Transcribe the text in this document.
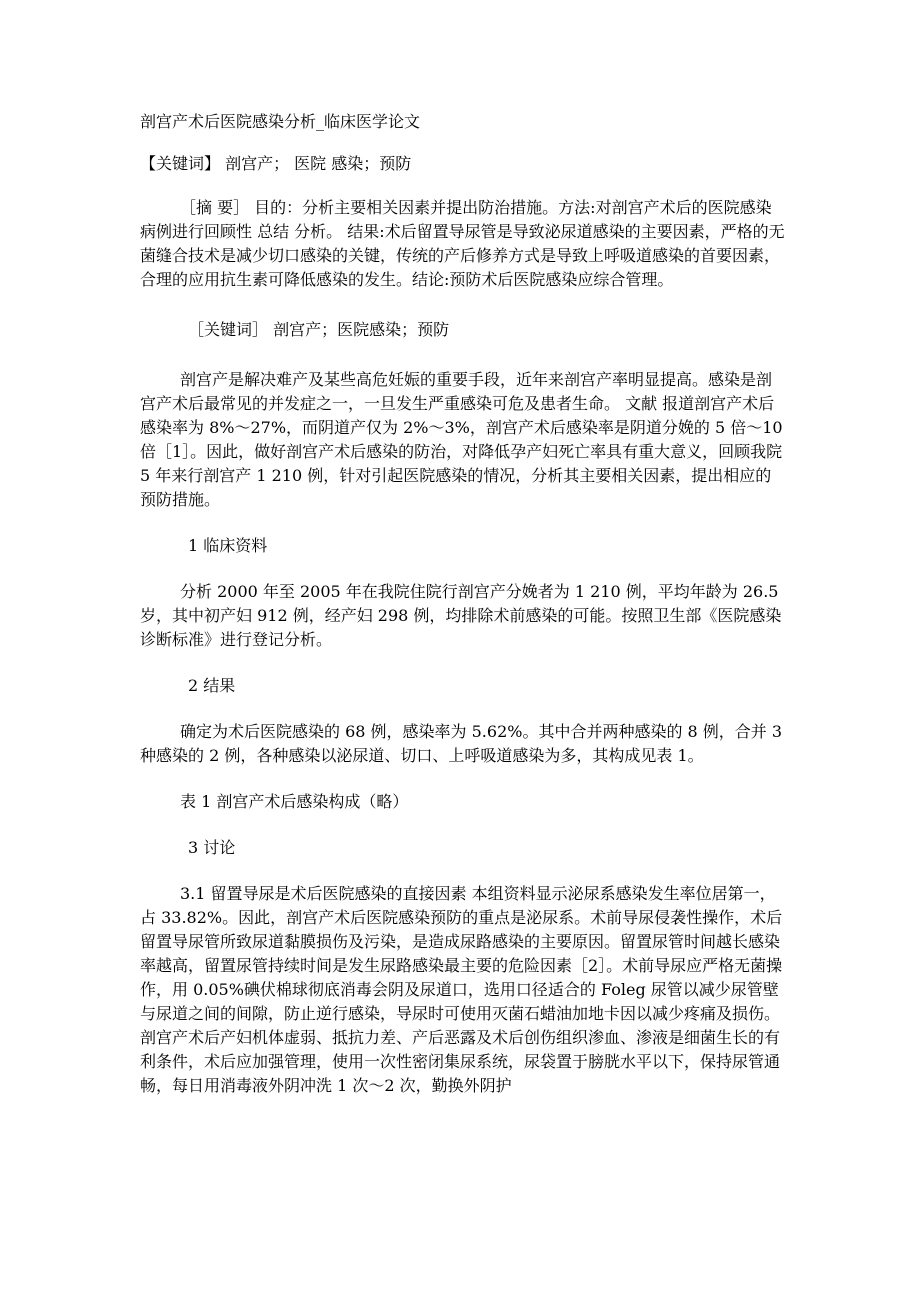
剖宫产术后医院感染分析_临床医学论文

【关键词】 剖宫产； 医院 感染；预防

［摘 要］ 目的：分析主要相关因素并提出防治措施。方法:对剖宫产术后的医院感染病例进行回顾性 总结 分析。 结果:术后留置导尿管是导致泌尿道感染的主要因素，严格的无菌缝合技术是减少切口感染的关键，传统的产后修养方式是导致上呼吸道感染的首要因素，合理的应用抗生素可降低感染的发生。结论:预防术后医院感染应综合管理。

［关键词］ 剖宫产；医院感染；预防

剖宫产是解决难产及某些高危妊娠的重要手段，近年来剖宫产率明显提高。感染是剖宫产术后最常见的并发症之一，一旦发生严重感染可危及患者生命。 文献 报道剖宫产术后感染率为 8%～27%，而阴道产仅为 2%～3%，剖宫产术后感染率是阴道分娩的 5 倍～10 倍［1］。因此，做好剖宫产术后感染的防治，对降低孕产妇死亡率具有重大意义，回顾我院 5 年来行剖宫产 1 210 例，针对引起医院感染的情况，分析其主要相关因素，提出相应的预防措施。

1 临床资料

分析 2000 年至 2005 年在我院住院行剖宫产分娩者为 1 210 例，平均年龄为 26.5 岁，其中初产妇 912 例，经产妇 298 例，均排除术前感染的可能。按照卫生部《医院感染诊断标准》进行登记分析。

2 结果

确定为术后医院感染的 68 例，感染率为 5.62%。其中合并两种感染的 8 例，合并 3 种感染的 2 例，各种感染以泌尿道、切口、上呼吸道感染为多，其构成见表 1。

表 1 剖宫产术后感染构成（略）

3 讨论

3.1 留置导尿是术后医院感染的直接因素 本组资料显示泌尿系感染发生率位居第一，占 33.82%。因此，剖宫产术后医院感染预防的重点是泌尿系。术前导尿侵袭性操作，术后留置导尿管所致尿道黏膜损伤及污染，是造成尿路感染的主要原因。留置尿管时间越长感染率越高，留置尿管持续时间是发生尿路感染最主要的危险因素［2］。术前导尿应严格无菌操作，用 0.05%碘伏棉球彻底消毒会阴及尿道口，选用口径适合的 Foleg 尿管以减少尿管壁与尿道之间的间隙，防止逆行感染，导尿时可使用灭菌石蜡油加地卡因以减少疼痛及损伤。剖宫产术后产妇机体虚弱、抵抗力差、产后恶露及术后创伤组织渗血、渗液是细菌生长的有利条件，术后应加强管理，使用一次性密闭集尿系统，尿袋置于膀胱水平以下，保持尿管通畅，每日用消毒液外阴冲洗 1 次～2 次，勤换外阴护
